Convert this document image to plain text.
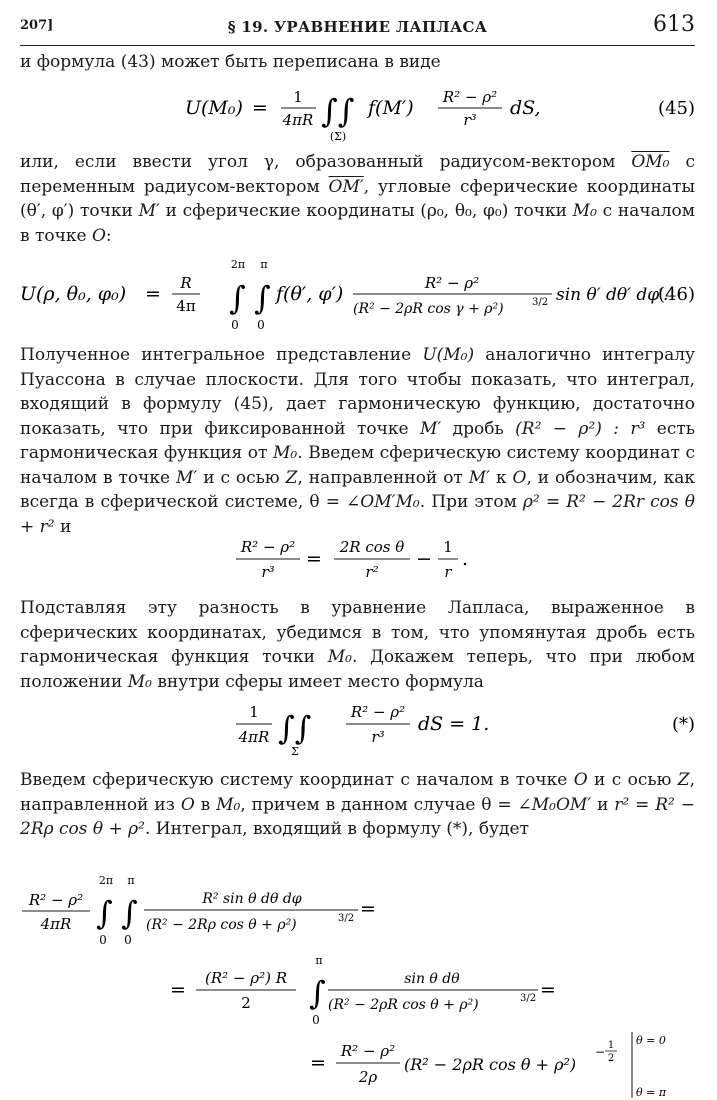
207]	§ 19. УРАВНЕНИЕ ЛАПЛАСА	613

и формула (43) может быть переписана в виде

U(M₀) = 1
4πR ∫∫
(Σ)
f(M′) R² − ρ²
r³
dS,	(45)

или, если ввести угол γ, образованный радиусом-вектором OM₀ с переменным радиусом-вектором OM′, угловые сферические координаты (θ′, φ′) точки M′ и сферические координаты (ρ₀, θ₀, φ₀) точки M₀ с началом в точке O:

U(ρ, θ₀, φ₀) = R
4π
2π
∫
0
π
∫
0
f(θ′, φ′)	R² − ρ²
(R² − 2ρR cos γ + ρ²)	3/2 sin θ′ dθ′ dφ′.
(46)

Полученное интегральное представление U(M₀) аналогично интегралу Пуассона в случае плоскости. Для того чтобы показать, что интеграл, входящий в формулу (45), дает гармоническую функцию, достаточно показать, что при фиксированной точке M′ дробь (R² − ρ²) : r³ есть гармоническая функция от M₀. Введем сферическую систему координат с началом в точке M′ и с осью Z, направленной от M′ к O, и обозначим, как всегда в сферической системе, θ = ∠OM′M₀. При этом ρ² = R² − 2Rr cos θ + r² и

R² − ρ²
r³
=
2R cos θ
r²
−
1
r
.

Подставляя эту разность в уравнение Лапласа, выраженное в сферических координатах, убедимся в том, что упомянутая дробь есть гармоническая функция точки M₀. Докажем теперь, что при любом положении M₀ внутри сферы имеет место формула

1
4πR ∫∫
Σ
R² − ρ²
r³
dS = 1.	(*)

Введем сферическую систему координат с началом в точке O и с осью Z, направленной из O в M₀, причем в данном случае θ = ∠M₀OM′ и r² = R² − 2Rρ cos θ + ρ². Интеграл, входящий в формулу (*), будет

R² − ρ²
4πR
2π
∫
0
π
∫
0
R² sin θ dθ dφ
(R² − 2Rρ cos θ + ρ²)	3/2 =
=
(R² − ρ²) R
2
π
∫
0
sin θ dθ
(R² − 2ρR cos θ + ρ²)	3/2 =
=
R² − ρ²
2ρ
(R² − 2ρR cos θ + ρ²)
− 1
2
θ = 0
θ = π
